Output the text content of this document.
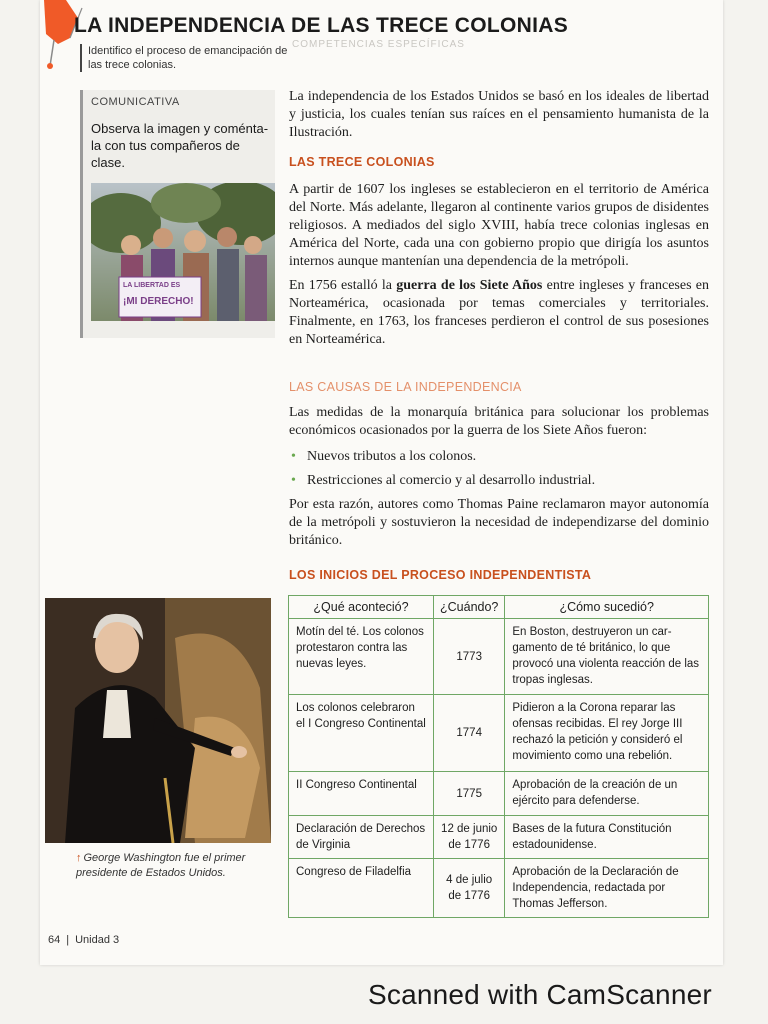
LA INDEPENDENCIA DE LAS TRECE COLONIAS
Identifico el proceso de emancipación de las trece colonias.
COMPETENCIAS ESPECÍFICAS
COMUNICATIVA
Observa la imagen y coméntala con tus compañeros de clase.
LA LIBERTAD ES
¡MI DERECHO!

La independencia de los Estados Unidos se basó en los ideales de libertad y justicia, los cuales tenían sus raíces en el pensamiento humanista de la Ilustración.

LAS TRECE COLONIAS

A partir de 1607 los ingleses se establecieron en el territorio de América del Norte. Más adelante, llegaron al continente varios grupos de disidentes religiosos. A mediados del siglo XVIII, había trece colonias inglesas en América del Norte, cada una con gobierno propio que dirigía los asuntos internos aunque mantenían una dependencia de la metrópoli.

En 1756 estalló la guerra de los Siete Años entre ingleses y franceses en Norteamérica, ocasionada por temas comerciales y territoriales. Finalmente, en 1763, los franceses perdieron el control de sus posesiones en Norteamérica.

LAS CAUSAS DE LA INDEPENDENCIA

Las medidas de la monarquía británica para solucionar los problemas económicos ocasionados por la guerra de los Siete Años fueron:

• Nuevos tributos a los colonos.
• Restricciones al comercio y al desarrollo industrial.

Por esta razón, autores como Thomas Paine reclamaron mayor autonomía de la metrópoli y sostuvieron la necesidad de independizarse del dominio británico.

LOS INICIOS DEL PROCESO INDEPENDENTISTA

¿Qué aconteció?	¿Cuándo?	¿Cómo sucedió?
Motín del té. Los colonos protestaron contra las nuevas leyes.	1773	En Boston, destruyeron un cargamento de té británico, lo que provocó una violenta reacción de las tropas inglesas.
Los colonos celebraron el I Congreso Continental	1774	Pidieron a la Corona reparar las ofensas recibidas. El rey Jorge III rechazó la petición y consideró el movimiento como una rebelión.
II Congreso Continental	1775	Aprobación de la creación de un ejército para defenderse.
Declaración de Derechos de Virginia	12 de junio de 1776	Bases de la futura Constitución estadounidense.
Congreso de Filadelfia	4 de julio de 1776	Aprobación de la Declaración de Independencia, redactada por Thomas Jefferson.
↑ George Washington fue el primer presidente de Estados Unidos.
64 | Unidad 3
Scanned with CamScanner
